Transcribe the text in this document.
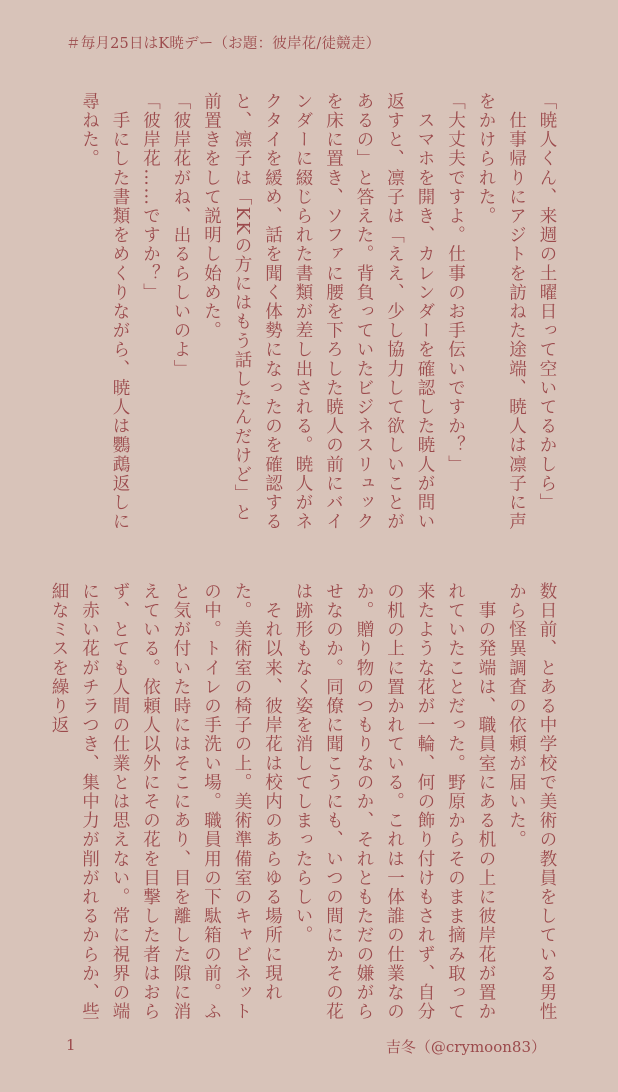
＃毎月25日はK暁デー（お題：彼岸花/徒競走）
「暁人くん、来週の土曜日って空いてるかしら」
　仕事帰りにアジトを訪ねた途端、暁人は凛子に声をかけられた。
「大丈夫ですよ。仕事のお手伝いですか？」
　スマホを開き、カレンダーを確認した暁人が問い返すと、凛子は「ええ、少し協力して欲しいことがあるの」と答えた。背負っていたビジネスリュックを床に置き、ソファに腰を下ろした暁人の前にバインダーに綴じられた書類が差し出される。暁人がネクタイを緩め、話を聞く体勢になったのを確認すると、凛子は「KKの方にはもう話したんだけど」と前置きをして説明し始めた。
「彼岸花がね、出るらしいのよ」
「彼岸花……ですか？」
　手にした書類をめくりながら、暁人は鸚鵡返しに尋ねた。
数日前、とある中学校で美術の教員をしている男性から怪異調査の依頼が届いた。
　事の発端は、職員室にある机の上に彼岸花が置かれていたことだった。野原からそのまま摘み取って来たような花が一輪、何の飾り付けもされず、自分の机の上に置かれている。これは一体誰の仕業なのか。贈り物のつもりなのか、それともただの嫌がらせなのか。同僚に聞こうにも、いつの間にかその花は跡形もなく姿を消してしまったらしい。
　それ以来、彼岸花は校内のあらゆる場所に現れた。美術室の椅子の上。美術準備室のキャビネットの中。トイレの手洗い場。職員用の下駄箱の前。ふと気が付いた時にはそこにあり、目を離した隙に消えている。依頼人以外にその花を目撃した者はおらず、とても人間の仕業とは思えない。常に視界の端に赤い花がチラつき、集中力が削がれるからか、些細なミスを繰り返
1	吉冬（@crymoon83）
